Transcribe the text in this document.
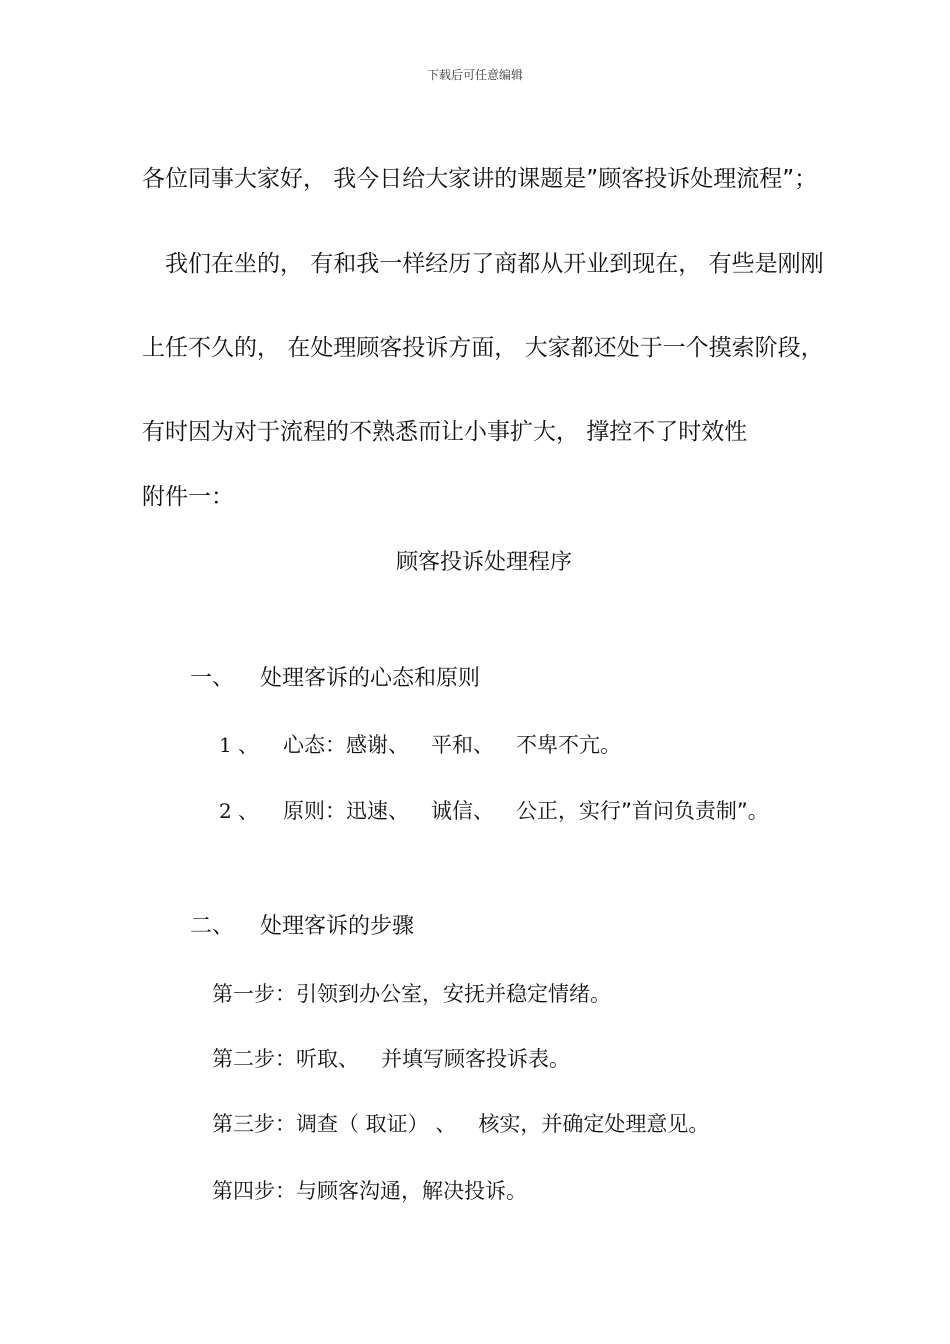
下载后可任意编辑
各位同事大家好， 我今日给大家讲的课题是”顾客投诉处理流程”；
我们在坐的， 有和我一样经历了商都从开业到现在， 有些是刚刚
上任不久的， 在处理顾客投诉方面， 大家都还处于一个摸索阶段，
有时因为对于流程的不熟悉而让小事扩大， 撑控不了时效性
附件一：
顾客投诉处理程序
一、 处理客诉的心态和原则
1 、 心态：感谢、 平和、 不卑不亢。
2 、 原则：迅速、 诚信、 公正，实行”首问负责制”。
二、 处理客诉的步骤
第一步：引领到办公室，安抚并稳定情绪。
第二步：听取、 并填写顾客投诉表。
第三步：调查（ 取证） 、 核实，并确定处理意见。
第四步：与顾客沟通，解决投诉。
